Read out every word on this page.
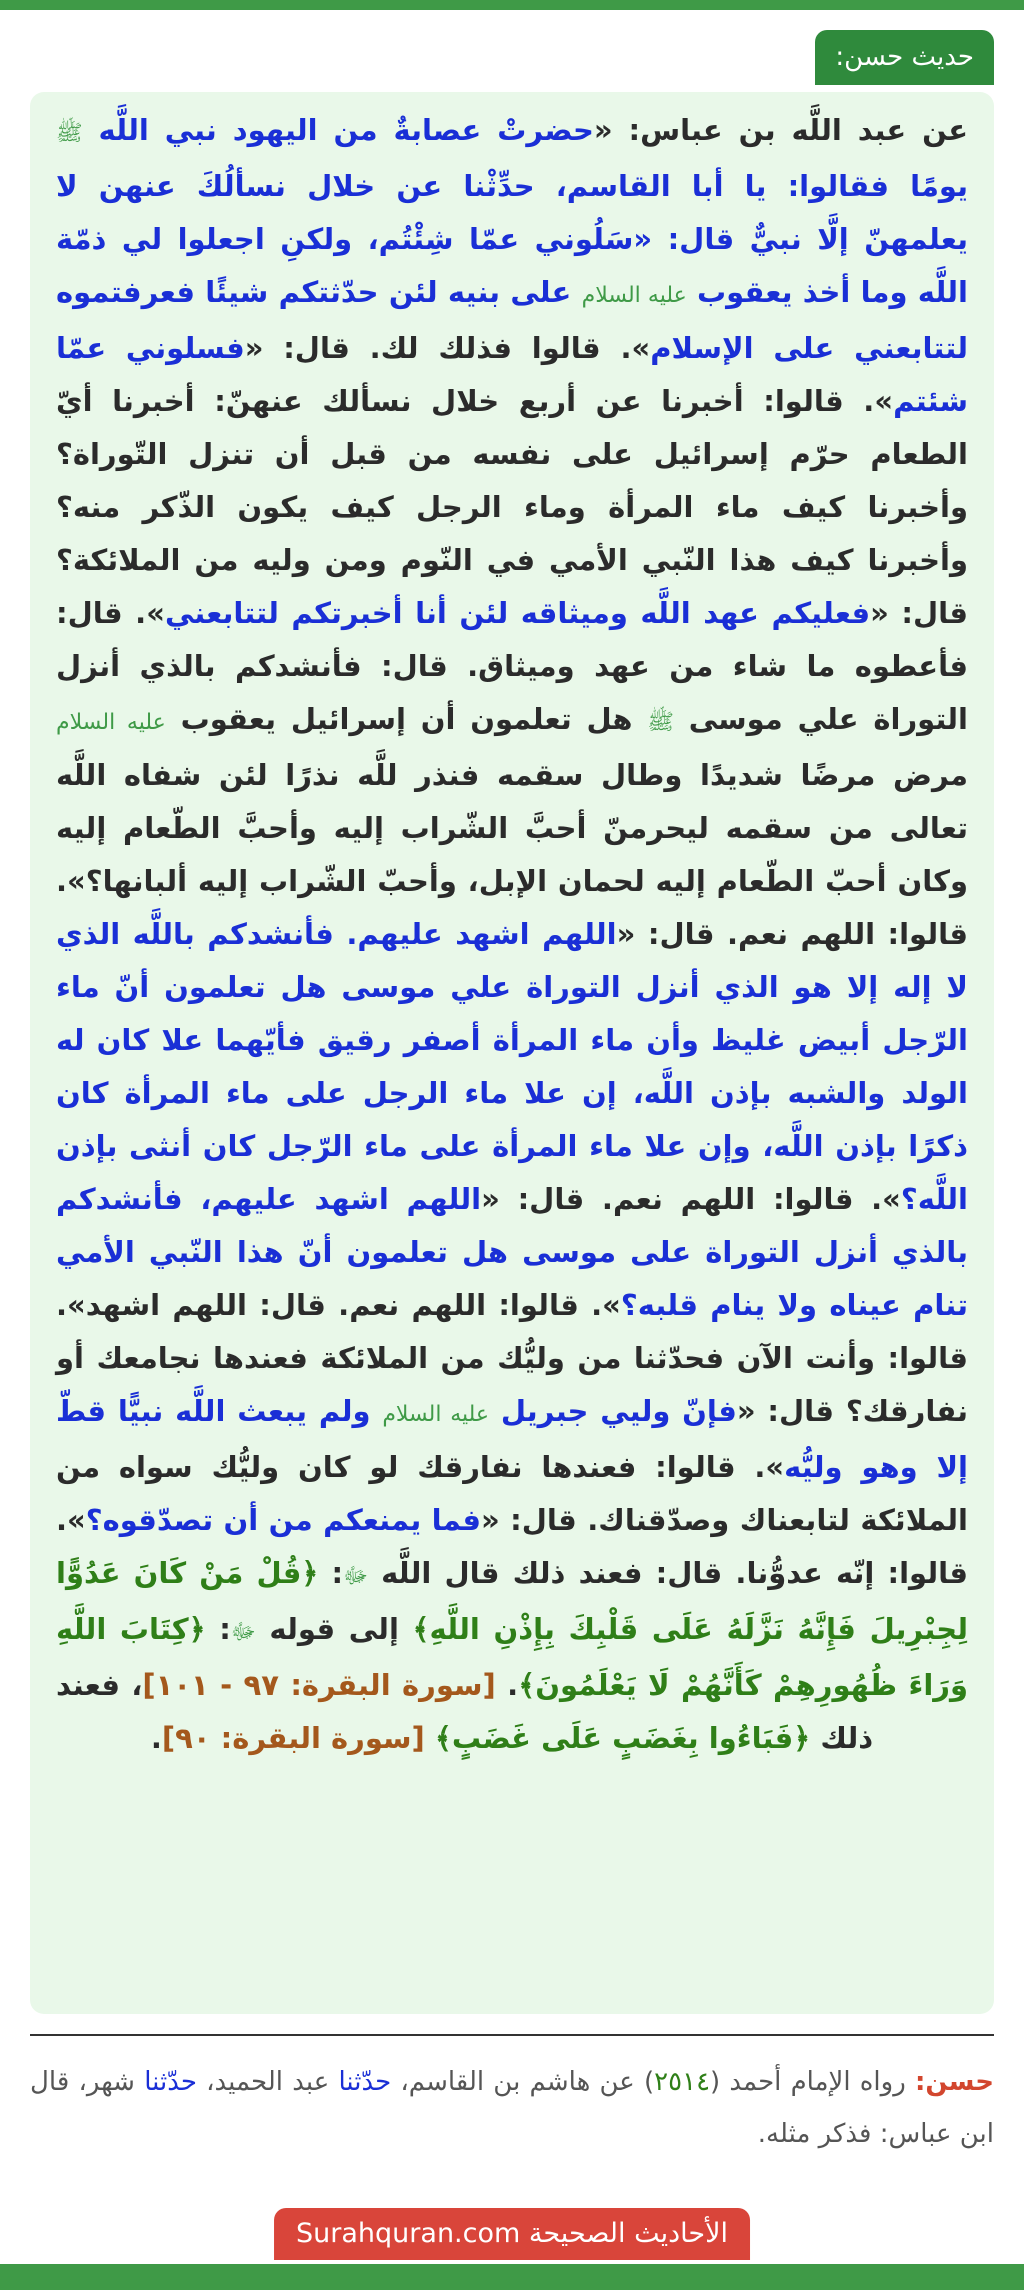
حديث حسن:
عن عبد اللَّه بن عباس: «حضرتْ عصابةٌ من اليهود نبي اللَّه ﷺ يومًا فقالوا: يا أبا القاسم، حدِّثْنا عن خلال نسألُكَ عنهن لا يعلمهنّ إلَّا نبيٌّ قال: «سَلُوني عمّا شِئْتُم، ولكنِ اجعلوا لي ذمّة اللَّه وما أخذ يعقوب عليه السلام على بنيه لئن حدّثتكم شيئًا فعرفتموه لتتابعني على الإسلام». قالوا فذلك لك. قال: «فسلوني عمّا شئتم». قالوا: أخبرنا عن أربع خلال نسألك عنهنّ: أخبرنا أيّ الطعام حرّم إسرائيل على نفسه من قبل أن تنزل التّوراة؟ وأخبرنا كيف ماء المرأة وماء الرجل كيف يكون الذّكر منه؟ وأخبرنا كيف هذا النّبي الأمي في النّوم ومن وليه من الملائكة؟ قال: «فعليكم عهد اللَّه وميثاقه لئن أنا أخبرتكم لتتابعني». قال: فأعطوه ما شاء من عهد وميثاق. قال: فأنشدكم بالذي أنزل التوراة علي موسى ﷺ هل تعلمون أن إسرائيل يعقوب عليه السلام مرض مرضًا شديدًا وطال سقمه فنذر للَّه نذرًا لئن شفاه اللَّه تعالى من سقمه ليحرمنّ أحبَّ الشّراب إليه وأحبَّ الطّعام إليه وكان أحبّ الطّعام إليه لحمان الإبل، وأحبّ الشّراب إليه ألبانها؟». قالوا: اللهم نعم. قال: «اللهم اشهد عليهم. فأنشدكم باللَّه الذي لا إله إلا هو الذي أنزل التوراة علي موسى هل تعلمون أنّ ماء الرّجل أبيض غليظ وأن ماء المرأة أصفر رقيق فأيّهما علا كان له الولد والشبه بإذن اللَّه، إن علا ماء الرجل على ماء المرأة كان ذكرًا بإذن اللَّه، وإن علا ماء المرأة على ماء الرّجل كان أنثى بإذن اللَّه؟». قالوا: اللهم نعم. قال: «اللهم اشهد عليهم، فأنشدكم بالذي أنزل التوراة على موسى هل تعلمون أنّ هذا النّبي الأمي تنام عيناه ولا ينام قلبه؟». قالوا: اللهم نعم. قال: اللهم اشهد». قالوا: وأنت الآن فحدّثنا من وليُّك من الملائكة فعندها نجامعك أو نفارقك؟ قال: «فإنّ وليي جبريل عليه السلام ولم يبعث اللَّه نبيًّا قطّ إلا وهو وليُّه». قالوا: فعندها نفارقك لو كان وليُّك سواه من الملائكة لتابعناك وصدّقناك. قال: «فما يمنعكم من أن تصدّقوه؟». قالوا: إنّه عدوُّنا. قال: فعند ذلك قال اللَّه ﷻ: ﴿قُلْ مَنْ كَانَ عَدُوًّا لِجِبْرِيلَ فَإِنَّهُ نَزَّلَهُ عَلَى قَلْبِكَ بِإِذْنِ اللَّهِ﴾ إلى قوله ﷻ: ﴿كِتَابَ اللَّهِ وَرَاءَ ظُهُورِهِمْ كَأَنَّهُمْ لَا يَعْلَمُونَ﴾. [سورة البقرة: ٩٧ - ١٠١]، فعند ذلك ﴿فَبَاءُوا بِغَضَبٍ عَلَى غَضَبٍ﴾ [سورة البقرة: ٩٠].
حسن: رواه الإمام أحمد (٢٥١٤) عن هاشم بن القاسم، حدّثنا عبد الحميد، حدّثنا شهر، قال ابن عباس: فذكر مثله.
الأحاديث الصحيحة Surahquran.com
